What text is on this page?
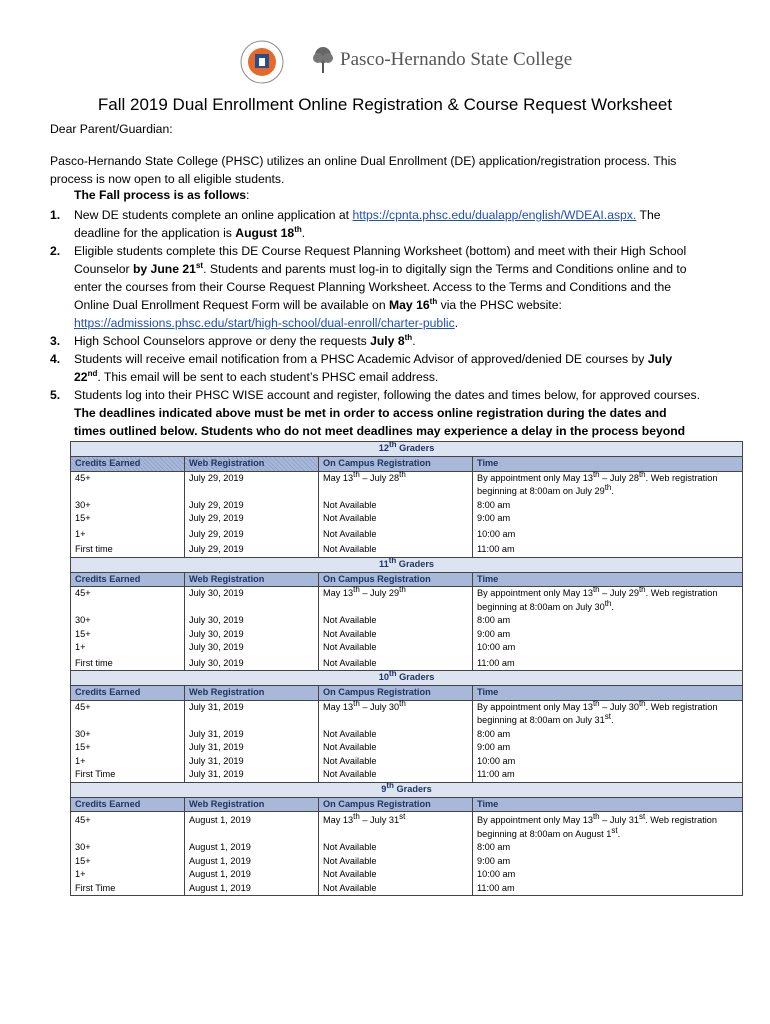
Pasco-Hernando State College
Fall 2019 Dual Enrollment Online Registration & Course Request Worksheet
Dear Parent/Guardian:
Pasco-Hernando State College (PHSC) utilizes an online Dual Enrollment (DE) application/registration process. This process is now open to all eligible students.
The Fall process is as follows:
1. New DE students complete an online application at https://cpnta.phsc.edu/dualapp/english/WDEAI.aspx. The deadline for the application is August 18th.
2. Eligible students complete this DE Course Request Planning Worksheet (bottom) and meet with their High School Counselor by June 21st. Students and parents must log-in to digitally sign the Terms and Conditions online and to enter the courses from their Course Request Planning Worksheet. Access to the Terms and Conditions and the Online Dual Enrollment Request Form will be available on May 16th via the PHSC website: https://admissions.phsc.edu/start/high-school/dual-enroll/charter-public.
3. High School Counselors approve or deny the requests July 8th.
4. Students will receive email notification from a PHSC Academic Advisor of approved/denied DE courses by July 22nd. This email will be sent to each student’s PHSC email address.
5. Students log into their PHSC WISE account and register, following the dates and times below, for approved courses. The deadlines indicated above must be met in order to access online registration during the dates and times outlined below. Students who do not meet deadlines may experience a delay in the process beyond
12th Graders			
Credits Earned	Web Registration	On Campus Registration	Time
45+	July 29, 2019	May 13th – July 28th	By appointment only May 13th – July 28th. Web registration beginning at 8:00am on July 29th.
30+	July 29, 2019	Not Available	8:00 am
15+	July 29, 2019	Not Available	9:00 am
1+	July 29, 2019	Not Available	10:00 am
First time	July 29, 2019	Not Available	11:00 am
11th Graders			
Credits Earned	Web Registration	On Campus Registration	Time
45+	July 30, 2019	May 13th – July 29th	By appointment only May 13th – July 29th. Web registration beginning at 8:00am on July 30th.
30+	July 30, 2019	Not Available	8:00 am
15+	July 30, 2019	Not Available	9:00 am
1+	July 30, 2019	Not Available	10:00 am
First time	July 30, 2019	Not Available	11:00 am
10th Graders			
Credits Earned	Web Registration	On Campus Registration	Time
45+	July 31, 2019	May 13th – July 30th	By appointment only May 13th – July 30th. Web registration beginning at 8:00am on July 31st.
30+	July 31, 2019	Not Available	8:00 am
15+	July 31, 2019	Not Available	9:00 am
1+	July 31, 2019	Not Available	10:00 am
First Time	July 31, 2019	Not Available	11:00 am
9th Graders			
Credits Earned	Web Registration	On Campus Registration	Time
45+	August 1, 2019	May 13th – July 31st	By appointment only May 13th – July 31st. Web registration beginning at 8:00am on August 1st.
30+	August 1, 2019	Not Available	8:00 am
15+	August 1, 2019	Not Available	9:00 am
1+	August 1, 2019	Not Available	10:00 am
First Time	August 1, 2019	Not Available	11:00 am
